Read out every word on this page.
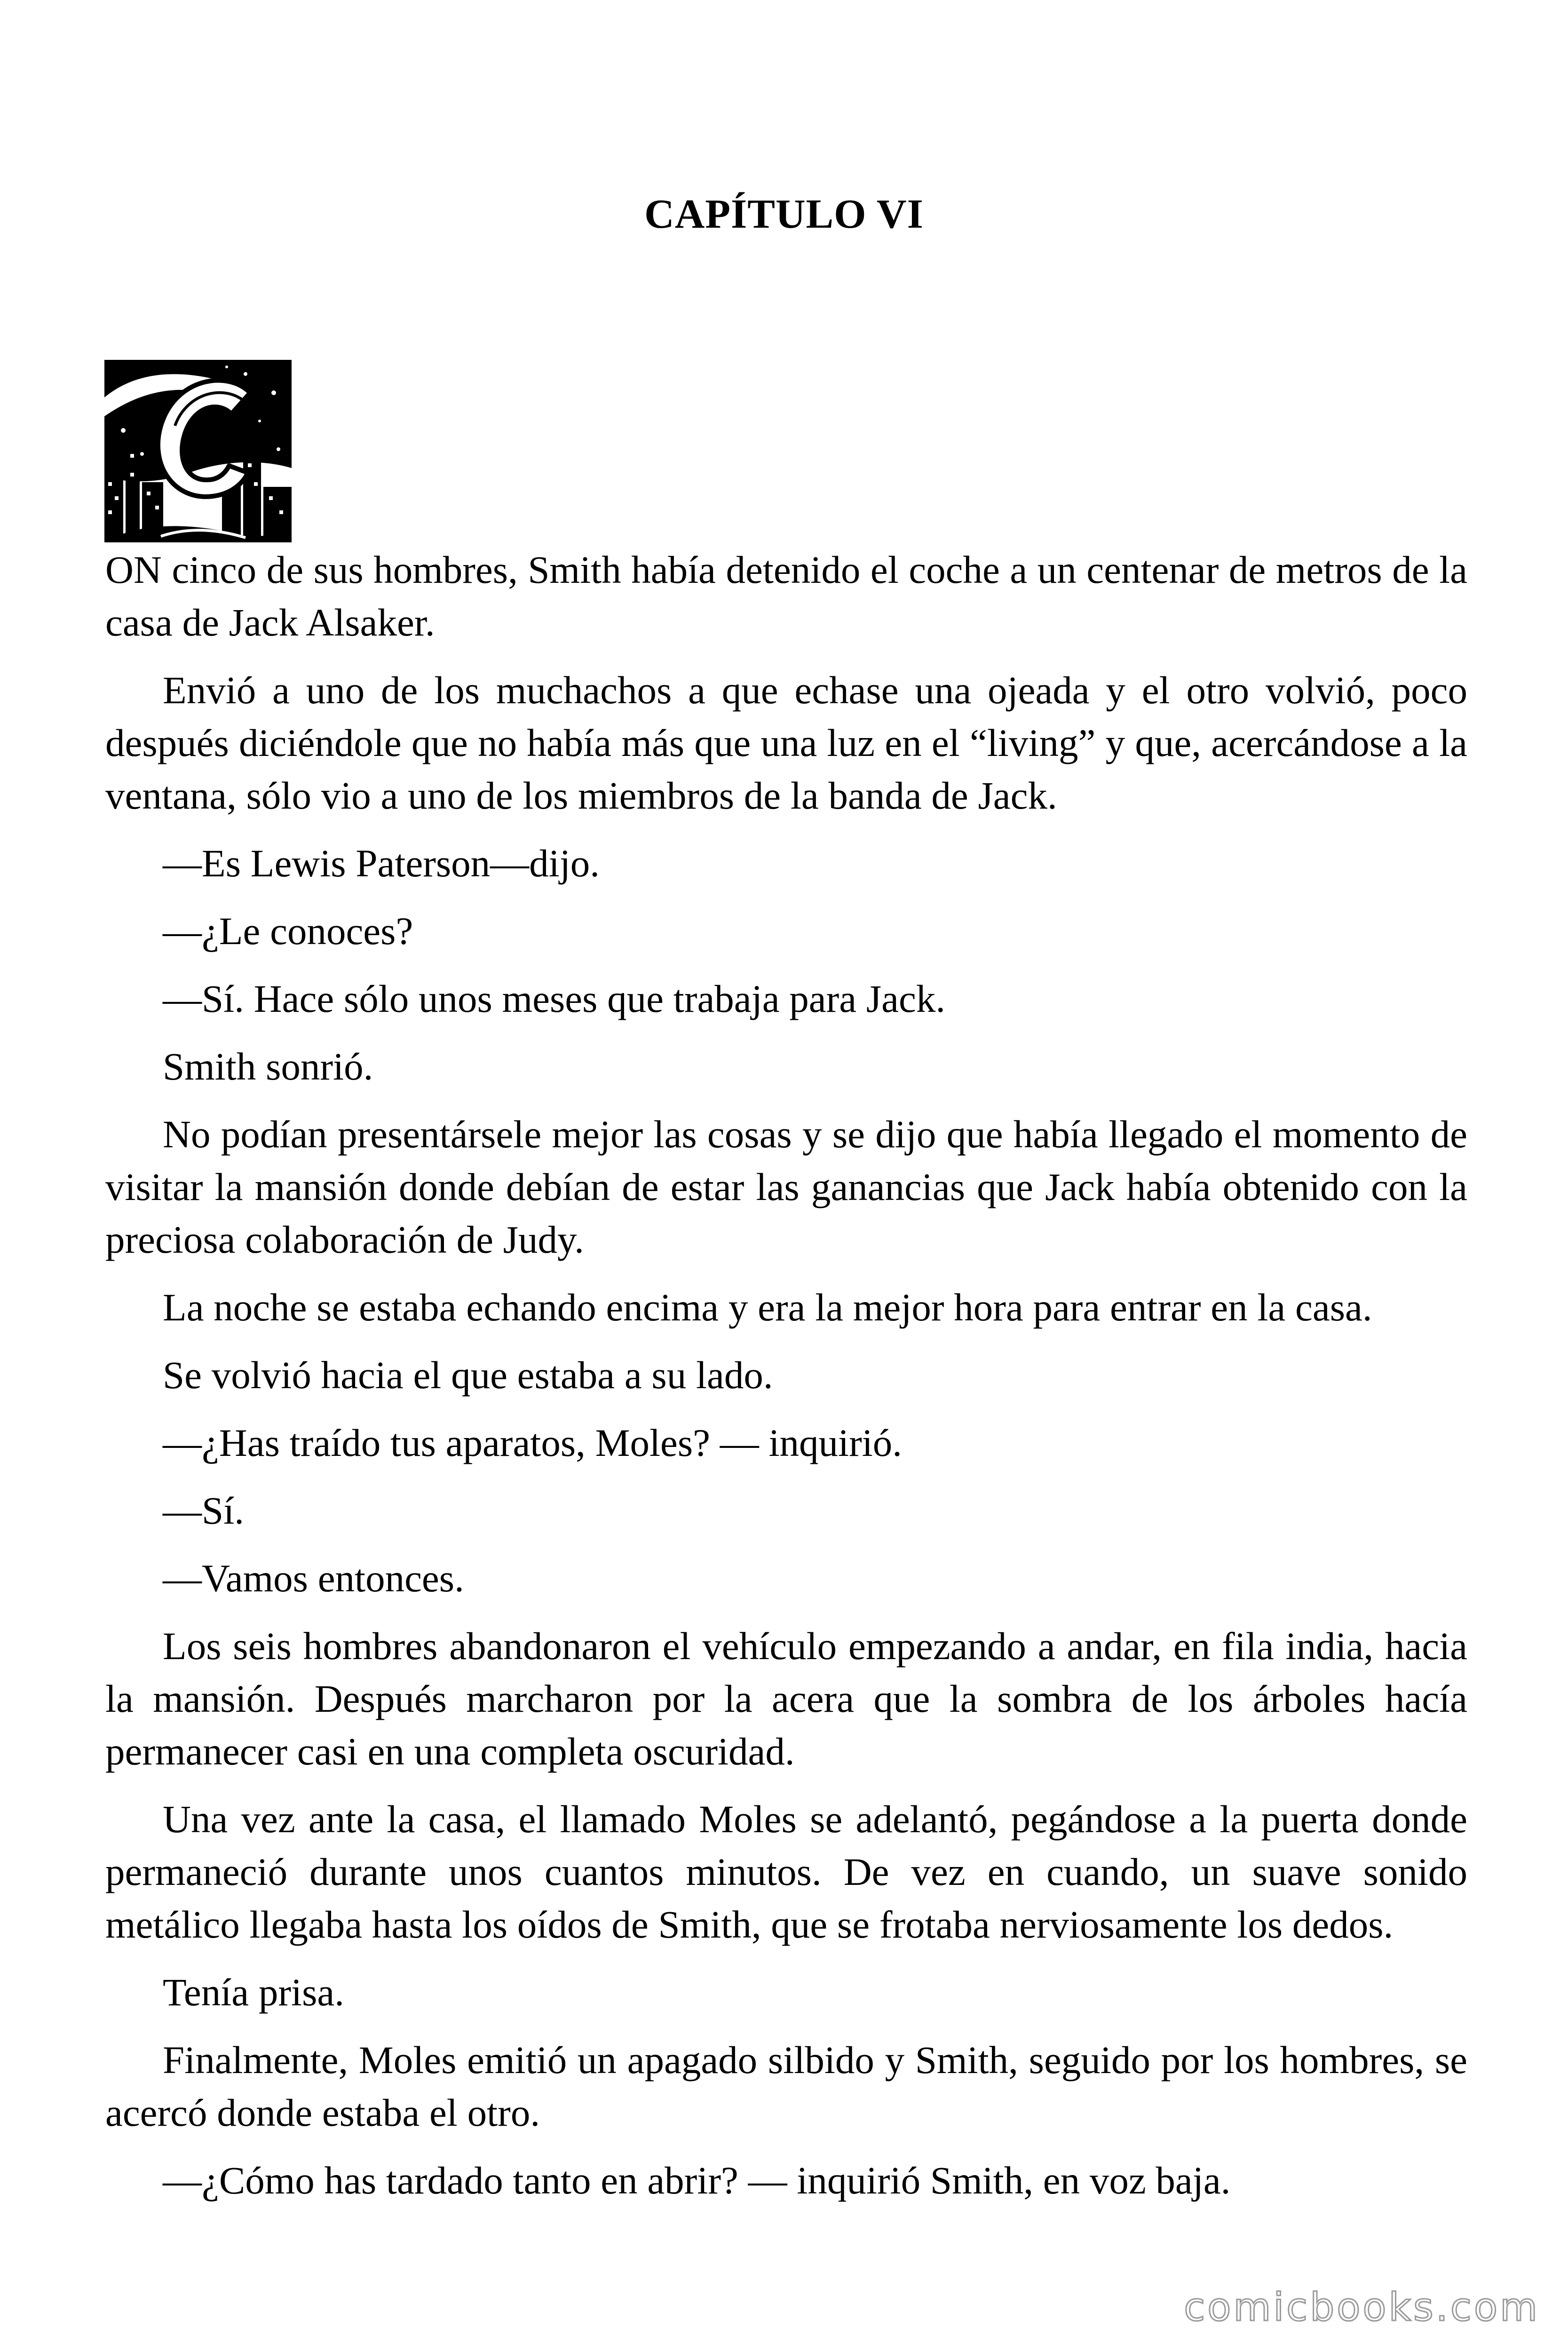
CAPÍTULO VI

ON cinco de sus hombres, Smith había detenido el coche a un centenar de metros de la casa de Jack Alsaker.

Envió a uno de los muchachos a que echase una ojeada y el otro volvió, poco después diciéndole que no había más que una luz en el “living” y que, acercándose a la ventana, sólo vio a uno de los miembros de la banda de Jack.

—Es Lewis Paterson—dijo.

—¿Le conoces?

—Sí. Hace sólo unos meses que trabaja para Jack.

Smith sonrió.

No podían presentársele mejor las cosas y se dijo que había llegado el momento de visitar la mansión donde debían de estar las ganancias que Jack había obtenido con la preciosa colaboración de Judy.

La noche se estaba echando encima y era la mejor hora para entrar en la casa.

Se volvió hacia el que estaba a su lado.

—¿Has traído tus aparatos, Moles? — inquirió.

—Sí.

—Vamos entonces.

Los seis hombres abandonaron el vehículo empezando a andar, en fila india, hacia la mansión. Después marcharon por la acera que la sombra de los árboles hacía permanecer casi en una completa oscuridad.

Una vez ante la casa, el llamado Moles se adelantó, pegándose a la puerta donde permaneció durante unos cuantos minutos. De vez en cuando, un suave sonido metálico llegaba hasta los oídos de Smith, que se frotaba nerviosamente los dedos.

Tenía prisa.

Finalmente, Moles emitió un apagado silbido y Smith, seguido por los hombres, se acercó donde estaba el otro.

—¿Cómo has tardado tanto en abrir? — inquirió Smith, en voz baja.

comicbooks.com
